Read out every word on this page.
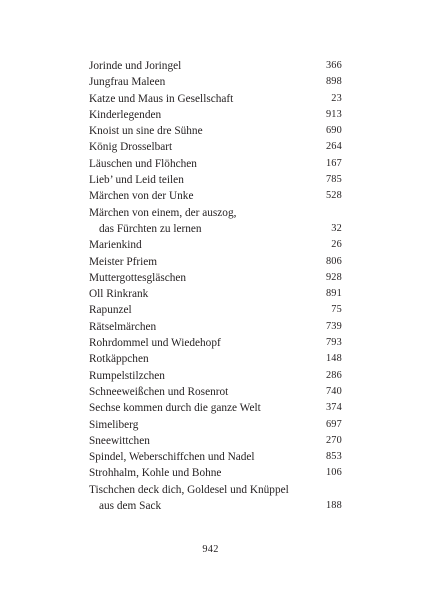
Jorinde und Joringel	366
Jungfrau Maleen	898
Katze und Maus in Gesellschaft	23
Kinderlegenden	913
Knoist un sine dre Sühne	690
König Drosselbart	264
Läuschen und Flöhchen	167
Lieb’ und Leid teilen	785
Märchen von der Unke	528
Märchen von einem, der auszog,
das Fürchten zu lernen	32
Marienkind	26
Meister Pfriem	806
Muttergottesgläschen	928
Oll Rinkrank	891
Rapunzel	75
Rätselmärchen	739
Rohrdommel und Wiedehopf	793
Rotkäppchen	148
Rumpelstilzchen	286
Schneeweißchen und Rosenrot	740
Sechse kommen durch die ganze Welt	374
Simeliberg	697
Sneewittchen	270
Spindel, Weberschiffchen und Nadel	853
Strohhalm, Kohle und Bohne	106
Tischchen deck dich, Goldesel und Knüppel
aus dem Sack	188
942
